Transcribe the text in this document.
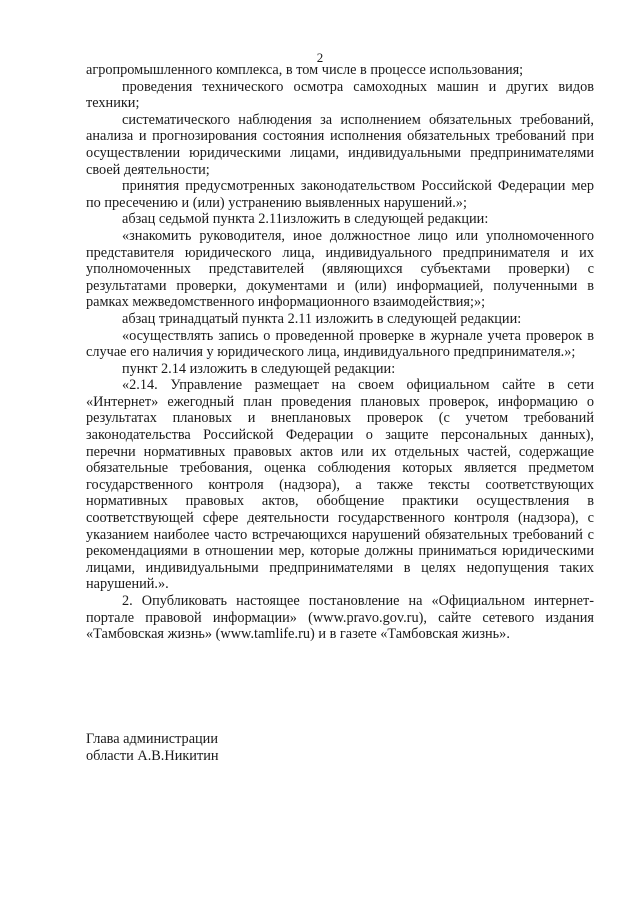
2

агропромышленного комплекса, в том числе в процессе использования;

проведения технического осмотра самоходных машин и других видов техники;

систематического наблюдения за исполнением обязательных требований, анализа и прогнозирования состояния исполнения обязательных требований при осуществлении юридическими лицами, индивидуальными предпринимателями своей деятельности;

принятия предусмотренных законодательством Российской Федерации мер по пресечению и (или) устранению выявленных нарушений.»;

абзац седьмой пункта 2.11изложить в следующей редакции:

«знакомить руководителя, иное должностное лицо или уполномоченного представителя юридического лица, индивидуального предпринимателя и их уполномоченных представителей (являющихся субъектами проверки) с результатами проверки, документами и (или) информацией, полученными в рамках межведомственного информационного взаимодействия;»;

абзац тринадцатый пункта 2.11 изложить в следующей редакции:

«осуществлять запись о проведенной проверке в журнале учета проверок в случае его наличия у юридического лица, индивидуального предпринимателя.»;

пункт 2.14 изложить в следующей редакции:

«2.14. Управление размещает на своем официальном сайте в сети «Интернет» ежегодный план проведения плановых проверок, информацию о результатах плановых и внеплановых проверок (с учетом требований законодательства Российской Федерации о защите персональных данных), перечни нормативных правовых актов или их отдельных частей, содержащие обязательные требования, оценка соблюдения которых является предметом государственного контроля (надзора), а также тексты соответствующих нормативных правовых актов, обобщение практики осуществления в соответствующей сфере деятельности государственного контроля (надзора), с указанием наиболее часто встречающихся нарушений обязательных требований с рекомендациями в отношении мер, которые должны приниматься юридическими лицами, индивидуальными предпринимателями в целях недопущения таких нарушений.».

2. Опубликовать настоящее постановление на «Официальном интернет-портале правовой информации» (www.pravo.gov.ru), сайте сетевого издания «Тамбовская жизнь» (www.tamlife.ru) и в газете «Тамбовская жизнь».

Глава администрации
области А.В.Никитин
